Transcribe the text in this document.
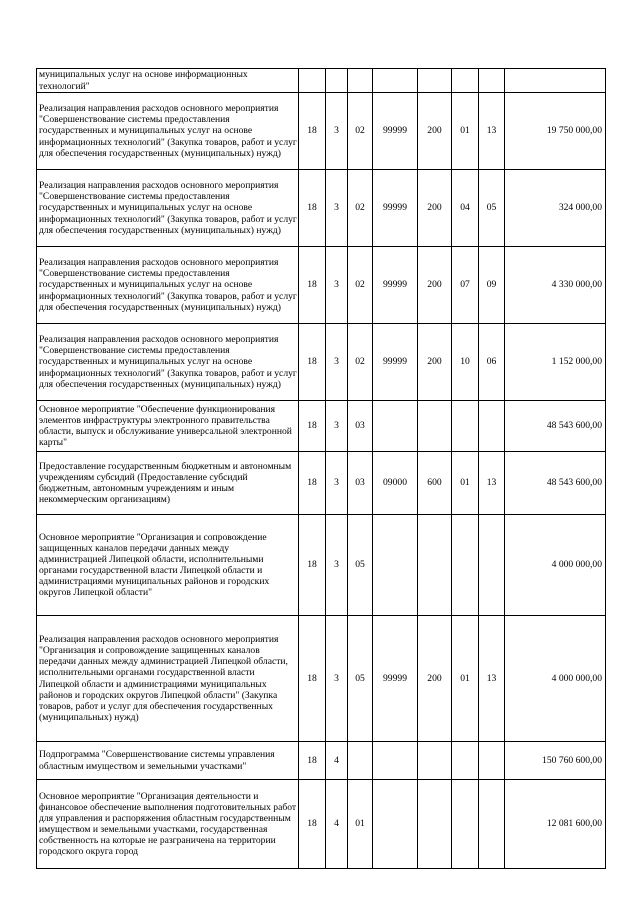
муниципальных услуг на основе информационных технологий"								
Реализация направления расходов основного мероприятия "Совершенствование системы предоставления государственных и муниципальных услуг на основе информационных технологий" (Закупка товаров, работ и услуг для обеспечения государственных (муниципальных) нужд)	18	3	02	99999	200	01	13	19 750 000,00
Реализация направления расходов основного мероприятия "Совершенствование системы предоставления государственных и муниципальных услуг на основе информационных технологий" (Закупка товаров, работ и услуг для обеспечения государственных (муниципальных) нужд)	18	3	02	99999	200	04	05	324 000,00
Реализация направления расходов основного мероприятия "Совершенствование системы предоставления государственных и муниципальных услуг на основе информационных технологий" (Закупка товаров, работ и услуг для обеспечения государственных (муниципальных) нужд)	18	3	02	99999	200	07	09	4 330 000,00
Реализация направления расходов основного мероприятия "Совершенствование системы предоставления государственных и муниципальных услуг на основе информационных технологий" (Закупка товаров, работ и услуг для обеспечения государственных (муниципальных) нужд)	18	3	02	99999	200	10	06	1 152 000,00
Основное мероприятие "Обеспечение функционирования элементов инфраструктуры электронного правительства области, выпуск и обслуживание универсальной электронной карты"	18	3	03					48 543 600,00
Предоставление государственным бюджетным и автономным учреждениям субсидий (Предоставление субсидий бюджетным, автономным учреждениям и иным некоммерческим организациям)	18	3	03	09000	600	01	13	48 543 600,00
Основное мероприятие "Организация и сопровождение защищенных каналов передачи данных между администрацией Липецкой области, исполнительными органами государственной власти Липецкой области и администрациями муниципальных районов и городских округов Липецкой области"	18	3	05					4 000 000,00
Реализация направления расходов основного мероприятия "Организация и сопровождение защищенных каналов передачи данных между администрацией Липецкой области, исполнительными органами государственной власти Липецкой области и администрациями муниципальных районов и городских округов Липецкой области" (Закупка товаров, работ и услуг для обеспечения государственных (муниципальных) нужд)	18	3	05	99999	200	01	13	4 000 000,00
Подпрограмма "Совершенствование системы управления областным имуществом и земельными участками"	18	4						150 760 600,00
Основное мероприятие "Организация деятельности и финансовое обеспечение выполнения подготовительных работ для управления и распоряжения областным государственным имуществом и земельными участками, государственная собственность на которые не разграничена на территории городского округа город	18	4	01					12 081 600,00
